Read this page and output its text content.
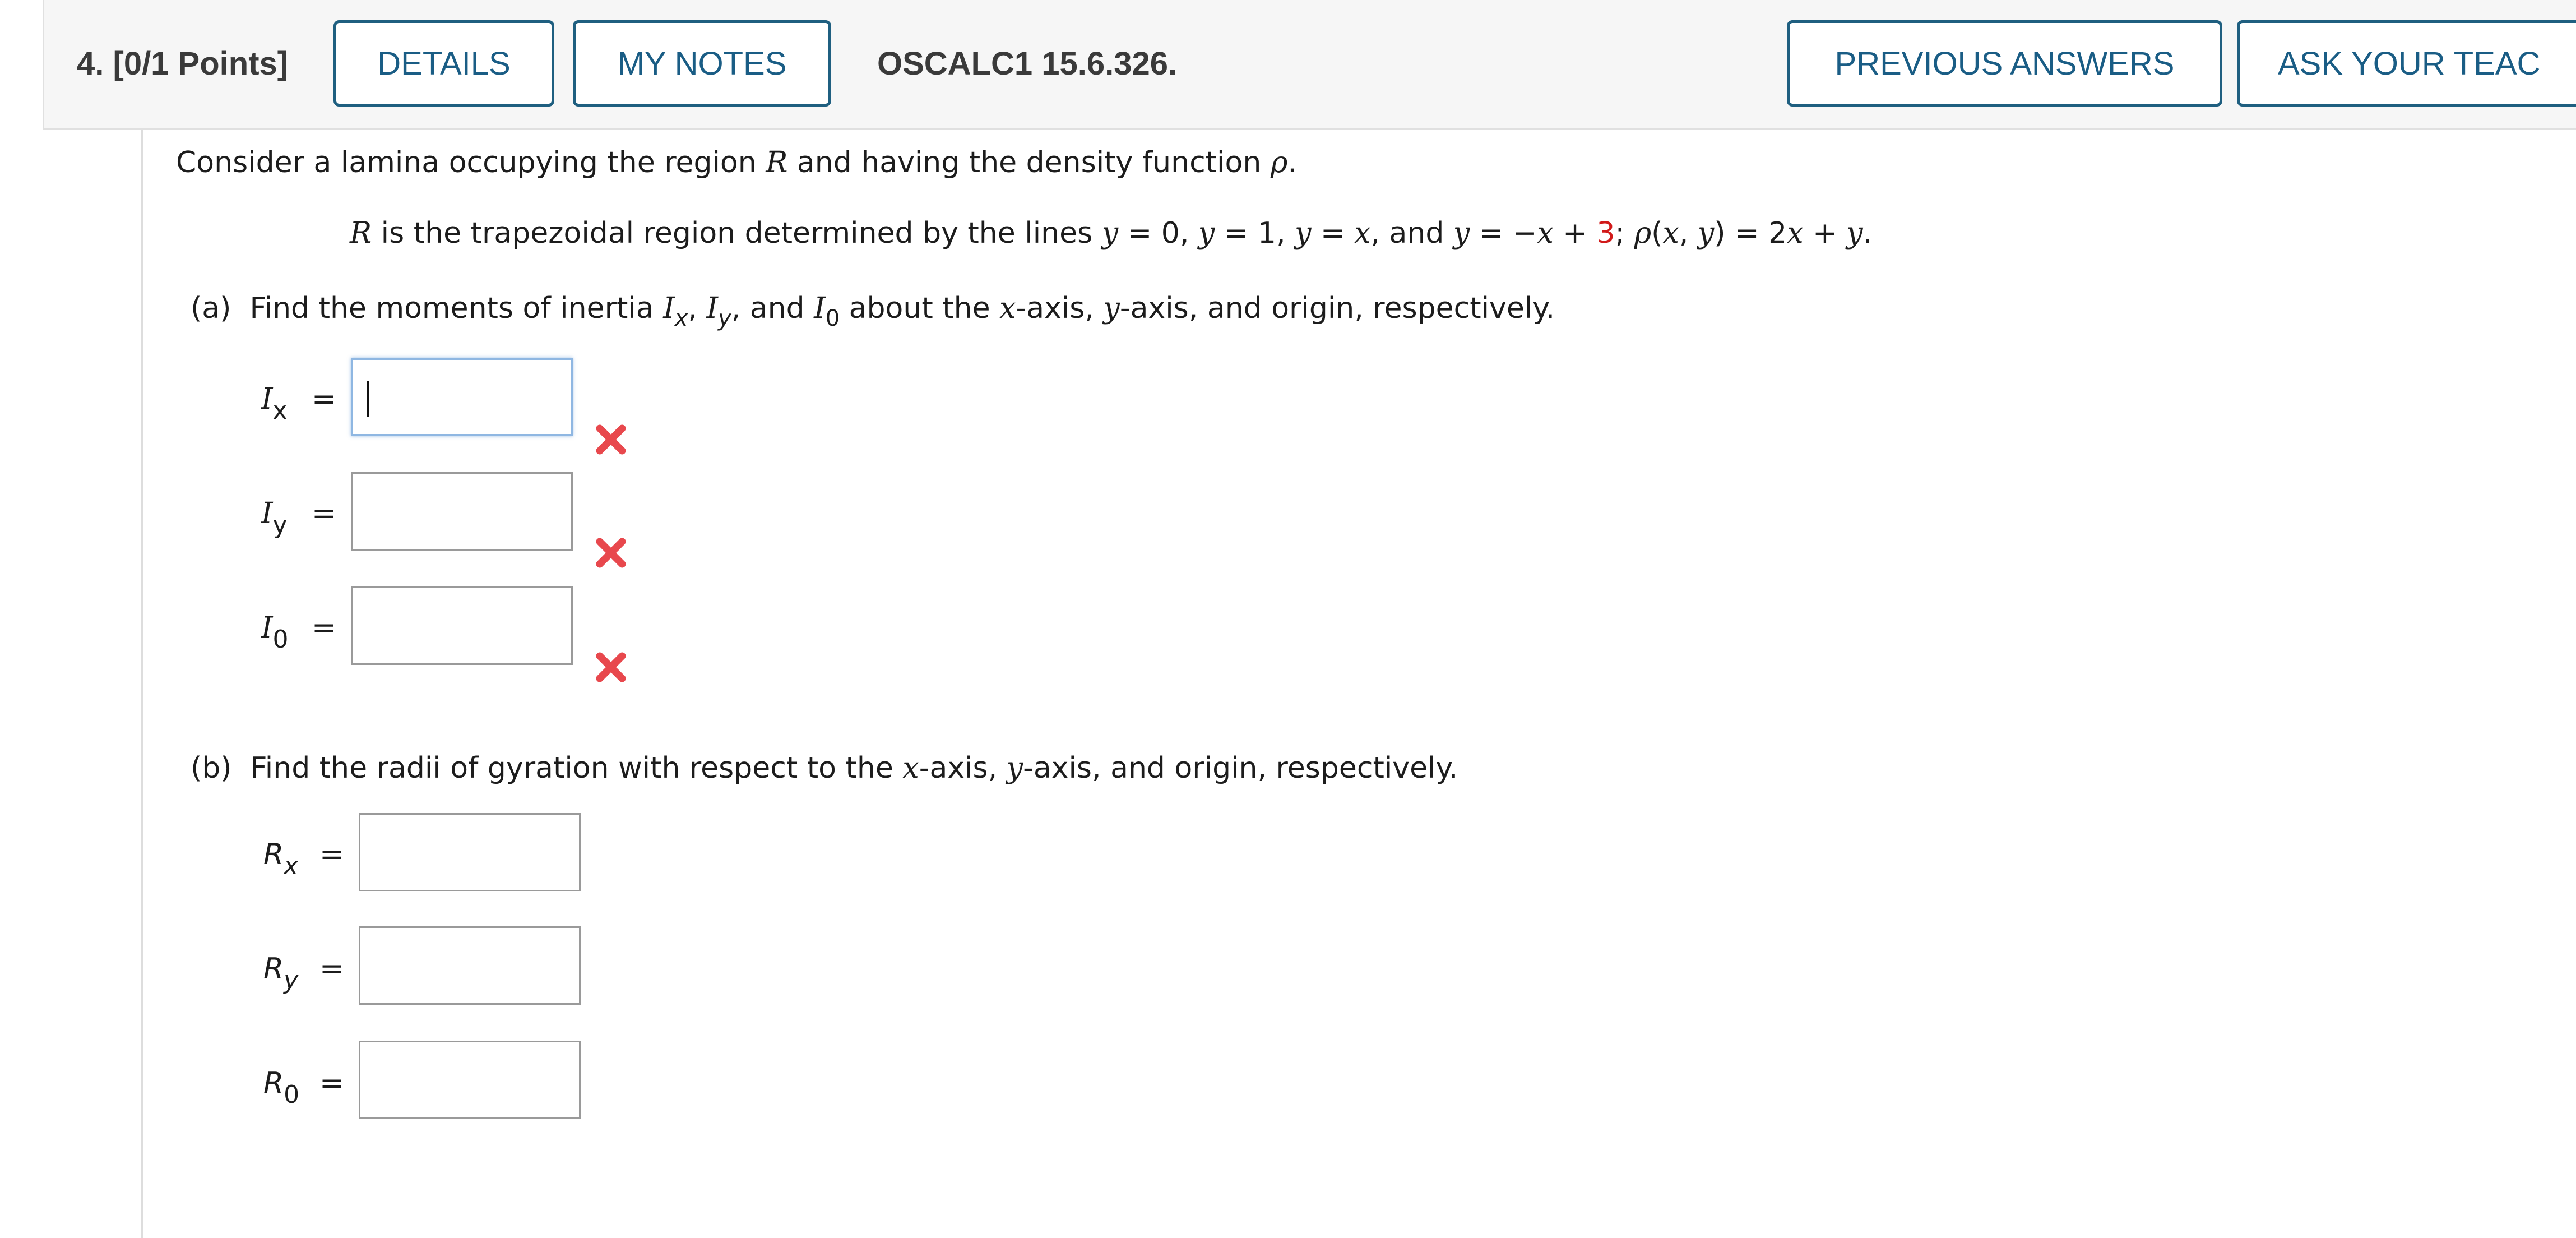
4. [0/1 Points]	DETAILS	MY NOTES	OSCALC1 15.6.326.	PREVIOUS ANSWERS	ASK YOUR TEAC
Consider a lamina occupying the region R and having the density function ρ.
R is the trapezoidal region determined by the lines y = 0, y = 1, y = x, and y = −x + 3; ρ(x, y) = 2x + y.
(a) Find the moments of inertia $I_x$, $I_y$, and $I_0$ about the x-axis, y-axis, and origin, respectively.
$I_x$ =
$I_y$ =
$I_0$ =
(b) Find the radii of gyration with respect to the x-axis, y-axis, and origin, respectively.
$R_x$ =
$R_y$ =
$R_0$ =
